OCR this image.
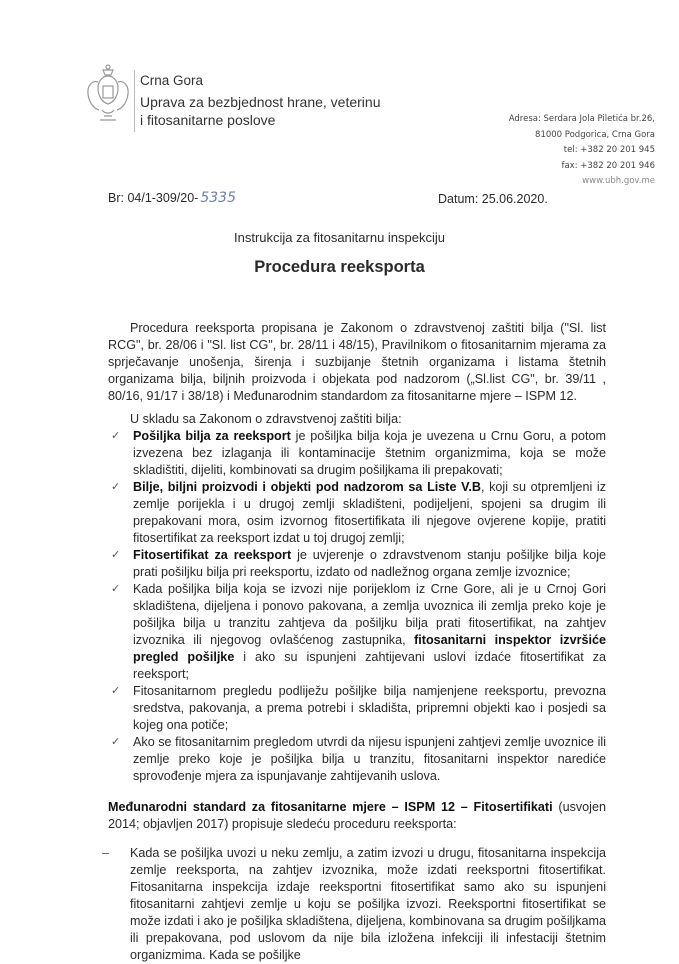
Crna Gora
Uprava za bezbjednost hrane, veterinu
i fitosanitarne poslove	Adresa: Serdara Jola Piletića br.26,
81000 Podgorica, Crna Gora
tel: +382 20 201 945
fax: +382 20 201 946
www.ubh.gov.me
Br: 04/1-309/20- 5335	Datum: 25.06.2020.
Instrukcija za fitosanitarnu inspekciju
Procedura reeksporta

Procedura reeksporta propisana je Zakonom o zdravstvenoj zaštiti bilja ("Sl. list RCG", br. 28/06 i "Sl. list CG", br. 28/11 i 48/15), Pravilnikom o fitosanitarnim mjerama za sprječavanje unošenja, širenja i suzbijanje štetnih organizama i listama štetnih organizama bilja, biljnih proizvoda i objekata pod nadzorom („Sl.list CG", br. 39/11 , 80/16, 91/17 i 38/18) i Međunarodnim standardom za fitosanitarne mjere – ISPM 12.

U skladu sa Zakonom o zdravstvenoj zaštiti bilja:
✓ Pošiljka bilja za reeksport je pošiljka bilja koja je uvezena u Crnu Goru, a potom izvezena bez izlaganja ili kontaminacije štetnim organizmima, koja se može skladištiti, dijeliti, kombinovati sa drugim pošiljkama ili prepakovati;
✓ Bilje, biljni proizvodi i objekti pod nadzorom sa Liste V.B, koji su otpremljeni iz zemlje porijekla i u drugoj zemlji skladišteni, podijeljeni, spojeni sa drugim ili prepakovani mora, osim izvornog fitosertifikata ili njegove ovjerene kopije, pratiti fitosertifikat za reeksport izdat u toj drugoj zemlji;
✓ Fitosertifikat za reeksport je uvjerenje o zdravstvenom stanju pošiljke bilja koje prati pošiljku bilja pri reeksportu, izdato od nadležnog organa zemlje izvoznice;
✓ Kada pošiljka bilja koja se izvozi nije porijeklom iz Crne Gore, ali je u Crnoj Gori skladištena, dijeljena i ponovo pakovana, a zemlja uvoznica ili zemlja preko koje je pošiljka bilja u tranzitu zahtjeva da pošiljku bilja prati fitosertifikat, na zahtjev izvoznika ili njegovog ovlašćenog zastupnika, fitosanitarni inspektor izvršiće pregled pošiljke i ako su ispunjeni zahtijevani uslovi izdaće fitosertifikat za reeksport;
✓ Fitosanitarnom pregledu podliježu pošiljke bilja namjenjene reeksportu, prevozna sredstva, pakovanja, a prema potrebi i skladišta, pripremni objekti kao i posjedi sa kojeg ona potiče;
✓ Ako se fitosanitarnim pregledom utvrdi da nijesu ispunjeni zahtjevi zemlje uvoznice ili zemlje preko koje je pošiljka bilja u tranzitu, fitosanitarni inspektor narediće sprovođenje mjera za ispunjavanje zahtijevanih uslova.
Međunarodni standard za fitosanitarne mjere – ISPM 12 – Fitosertifikati (usvojen 2014; objavljen 2017) propisuje sledeću proceduru reeksporta:
– Kada se pošiljka uvozi u neku zemlju, a zatim izvozi u drugu, fitosanitarna inspekcija zemlje reeksporta, na zahtjev izvoznika, može izdati reeksportni fitosertifikat. Fitosanitarna inspekcija izdaje reeksportni fitosertifikat samo ako su ispunjeni fitosanitarni zahtjevi zemlje u koju se pošiljka izvozi. Reeksportni fitosertifikat se može izdati i ako je pošiljka skladištena, dijeljena, kombinovana sa drugim pošiljkama ili prepakovana, pod uslovom da nije bila izložena infekciji ili infestaciji štetnim organizmima. Kada se pošiljke
